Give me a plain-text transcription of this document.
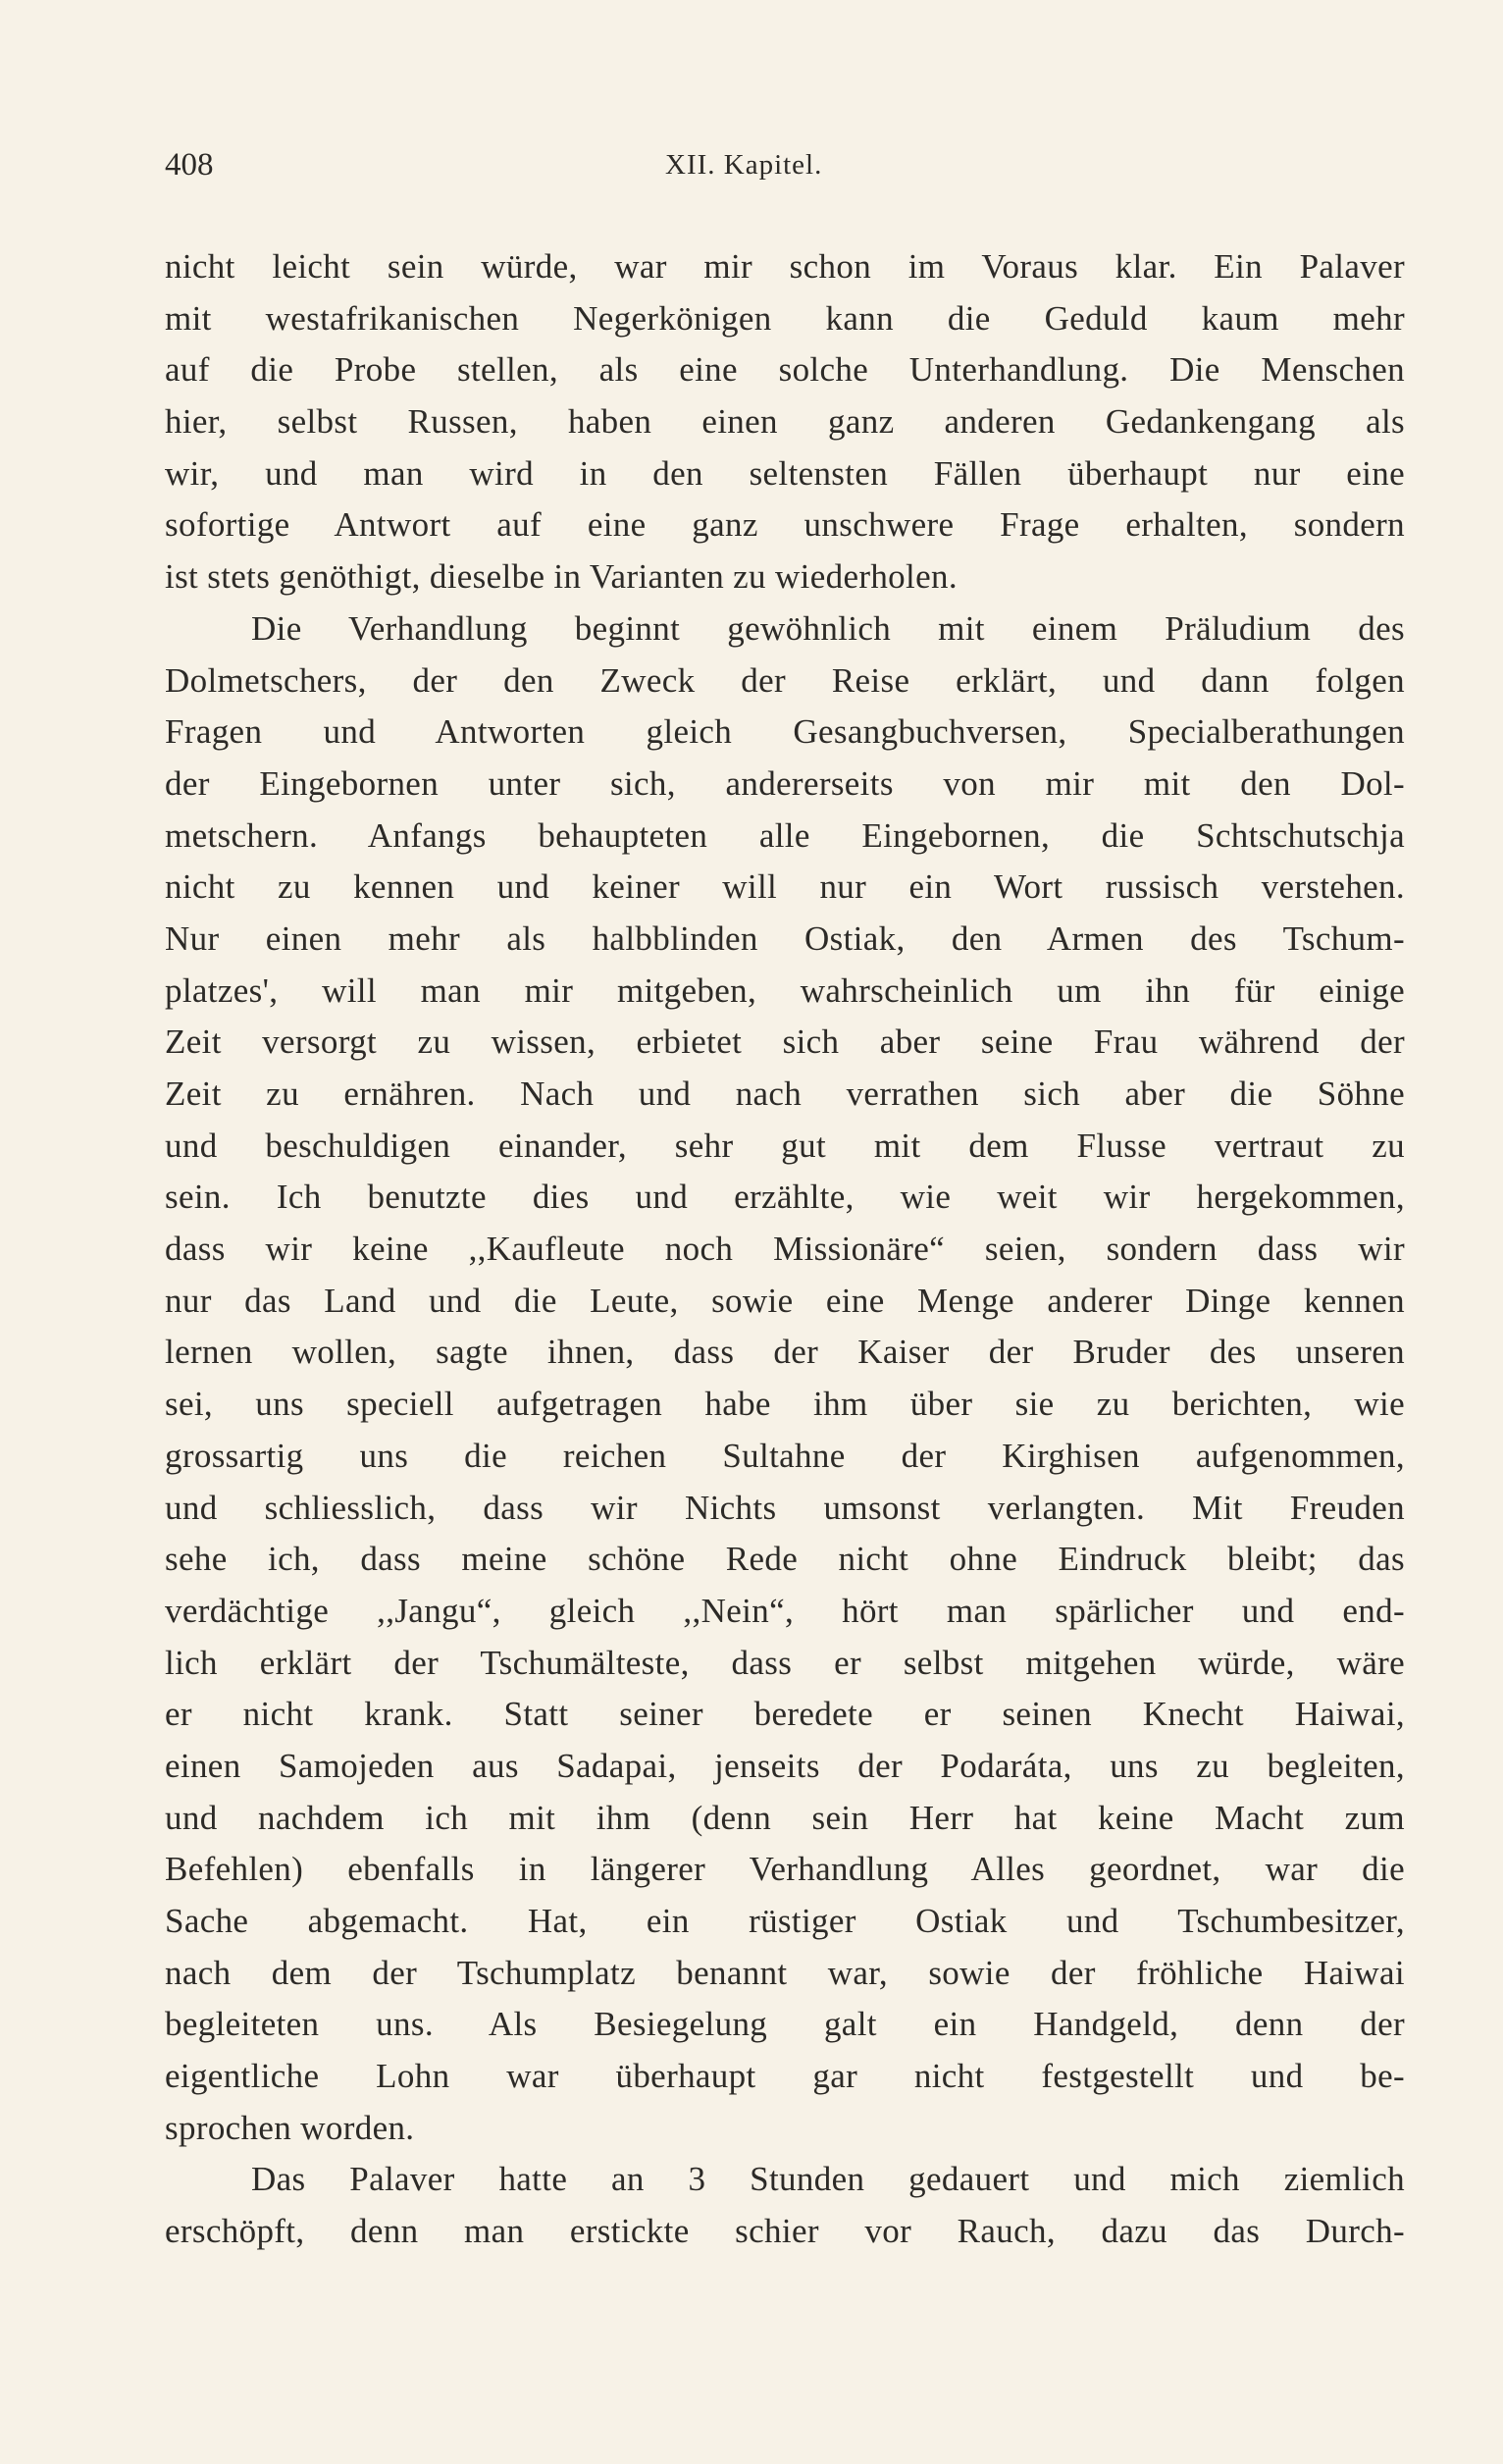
408	XII. Kapitel.
nicht leicht sein würde, war mir schon im Voraus klar. Ein Palaver
mit westafrikanischen Negerkönigen kann die Geduld kaum mehr
auf die Probe stellen, als eine solche Unterhandlung. Die Menschen
hier, selbst Russen, haben einen ganz anderen Gedankengang als
wir, und man wird in den seltensten Fällen überhaupt nur eine
sofortige Antwort auf eine ganz unschwere Frage erhalten, sondern
ist stets genöthigt, dieselbe in Varianten zu wiederholen.
Die Verhandlung beginnt gewöhnlich mit einem Präludium des
Dolmetschers, der den Zweck der Reise erklärt, und dann folgen
Fragen und Antworten gleich Gesangbuchversen, Specialberathungen
der Eingebornen unter sich, andererseits von mir mit den Dol-
metschern. Anfangs behaupteten alle Eingebornen, die Schtschutschja
nicht zu kennen und keiner will nur ein Wort russisch verstehen.
Nur einen mehr als halbblinden Ostiak, den Armen des Tschum-
platzes', will man mir mitgeben, wahrscheinlich um ihn für einige
Zeit versorgt zu wissen, erbietet sich aber seine Frau während der
Zeit zu ernähren. Nach und nach verrathen sich aber die Söhne
und beschuldigen einander, sehr gut mit dem Flusse vertraut zu
sein. Ich benutzte dies und erzählte, wie weit wir hergekommen,
dass wir keine ,,Kaufleute noch Missionäre“ seien, sondern dass wir
nur das Land und die Leute, sowie eine Menge anderer Dinge kennen
lernen wollen, sagte ihnen, dass der Kaiser der Bruder des unseren
sei, uns speciell aufgetragen habe ihm über sie zu berichten, wie
grossartig uns die reichen Sultahne der Kirghisen aufgenommen,
und schliesslich, dass wir Nichts umsonst verlangten. Mit Freuden
sehe ich, dass meine schöne Rede nicht ohne Eindruck bleibt; das
verdächtige ,,Jangu“, gleich ,,Nein“, hört man spärlicher und end-
lich erklärt der Tschumälteste, dass er selbst mitgehen würde, wäre
er nicht krank. Statt seiner beredete er seinen Knecht Haiwai,
einen Samojeden aus Sadapai, jenseits der Podaráta, uns zu begleiten,
und nachdem ich mit ihm (denn sein Herr hat keine Macht zum
Befehlen) ebenfalls in längerer Verhandlung Alles geordnet, war die
Sache abgemacht. Hat, ein rüstiger Ostiak und Tschumbesitzer,
nach dem der Tschumplatz benannt war, sowie der fröhliche Haiwai
begleiteten uns. Als Besiegelung galt ein Handgeld, denn der
eigentliche Lohn war überhaupt gar nicht festgestellt und be-
sprochen worden.
Das Palaver hatte an 3 Stunden gedauert und mich ziemlich
erschöpft, denn man erstickte schier vor Rauch, dazu das Durch-
